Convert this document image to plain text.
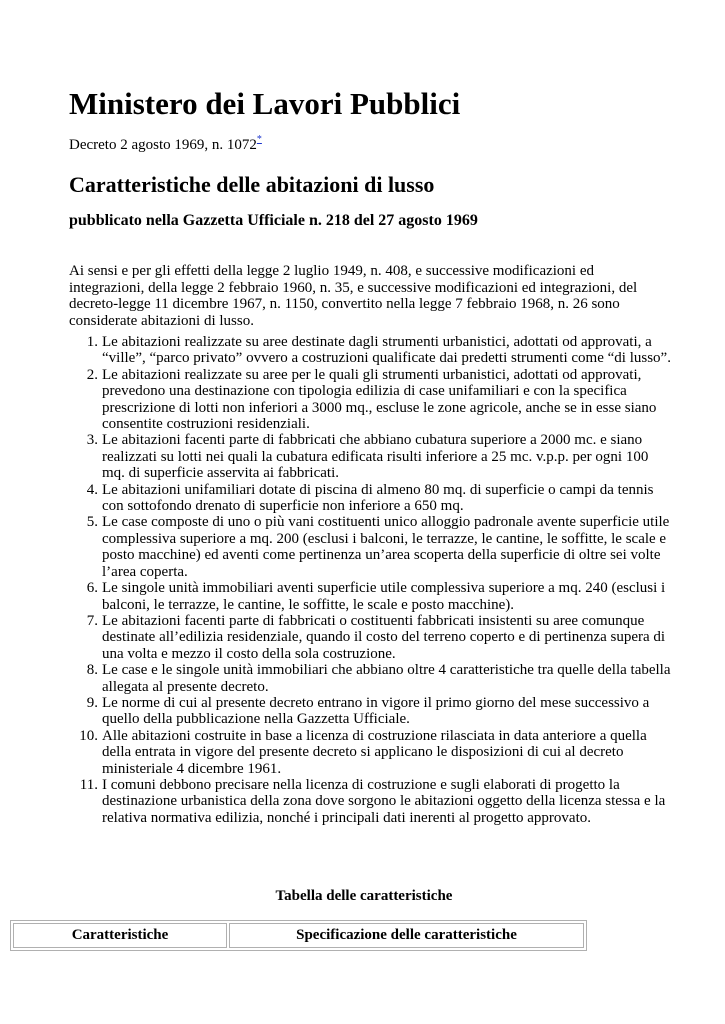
Ministero dei Lavori Pubblici
Decreto 2 agosto 1969, n. 1072*
Caratteristiche delle abitazioni di lusso
pubblicato nella Gazzetta Ufficiale n. 218 del 27 agosto 1969

Ai sensi e per gli effetti della legge 2 luglio 1949, n. 408, e successive modificazioni ed
integrazioni, della legge 2 febbraio 1960, n. 35, e successive modificazioni ed integrazioni, del
decreto-legge 11 dicembre 1967, n. 1150, convertito nella legge 7 febbraio 1968, n. 26 sono
considerate abitazioni di lusso.

1. Le abitazioni realizzate su aree destinate dagli strumenti urbanistici, adottati od approvati, a
“ville”, “parco privato” ovvero a costruzioni qualificate dai predetti strumenti come “di lusso”.
2. Le abitazioni realizzate su aree per le quali gli strumenti urbanistici, adottati od approvati,
prevedono una destinazione con tipologia edilizia di case unifamiliari e con la specifica
prescrizione di lotti non inferiori a 3000 mq., escluse le zone agricole, anche se in esse siano
consentite costruzioni residenziali.
3. Le abitazioni facenti parte di fabbricati che abbiano cubatura superiore a 2000 mc. e siano
realizzati su lotti nei quali la cubatura edificata risulti inferiore a 25 mc. v.p.p. per ogni 100
mq. di superficie asservita ai fabbricati.
4. Le abitazioni unifamiliari dotate di piscina di almeno 80 mq. di superficie o campi da tennis
con sottofondo drenato di superficie non inferiore a 650 mq.
5. Le case composte di uno o più vani costituenti unico alloggio padronale avente superficie utile
complessiva superiore a mq. 200 (esclusi i balconi, le terrazze, le cantine, le soffitte, le scale e
posto macchine) ed aventi come pertinenza un’area scoperta della superficie di oltre sei volte
l’area coperta.
6. Le singole unità immobiliari aventi superficie utile complessiva superiore a mq. 240 (esclusi i
balconi, le terrazze, le cantine, le soffitte, le scale e posto macchine).
7. Le abitazioni facenti parte di fabbricati o costituenti fabbricati insistenti su aree comunque
destinate all’edilizia residenziale, quando il costo del terreno coperto e di pertinenza supera di
una volta e mezzo il costo della sola costruzione.
8. Le case e le singole unità immobiliari che abbiano oltre 4 caratteristiche tra quelle della tabella
allegata al presente decreto.
9. Le norme di cui al presente decreto entrano in vigore il primo giorno del mese successivo a
quello della pubblicazione nella Gazzetta Ufficiale.
10. Alle abitazioni costruite in base a licenza di costruzione rilasciata in data anteriore a quella
della entrata in vigore del presente decreto si applicano le disposizioni di cui al decreto
ministeriale 4 dicembre 1961.
11. I comuni debbono precisare nella licenza di costruzione e sugli elaborati di progetto la
destinazione urbanistica della zona dove sorgono le abitazioni oggetto della licenza stessa e la
relativa normativa edilizia, nonché i principali dati inerenti al progetto approvato.
Tabella delle caratteristiche
Caratteristiche	Specificazione delle caratteristiche
